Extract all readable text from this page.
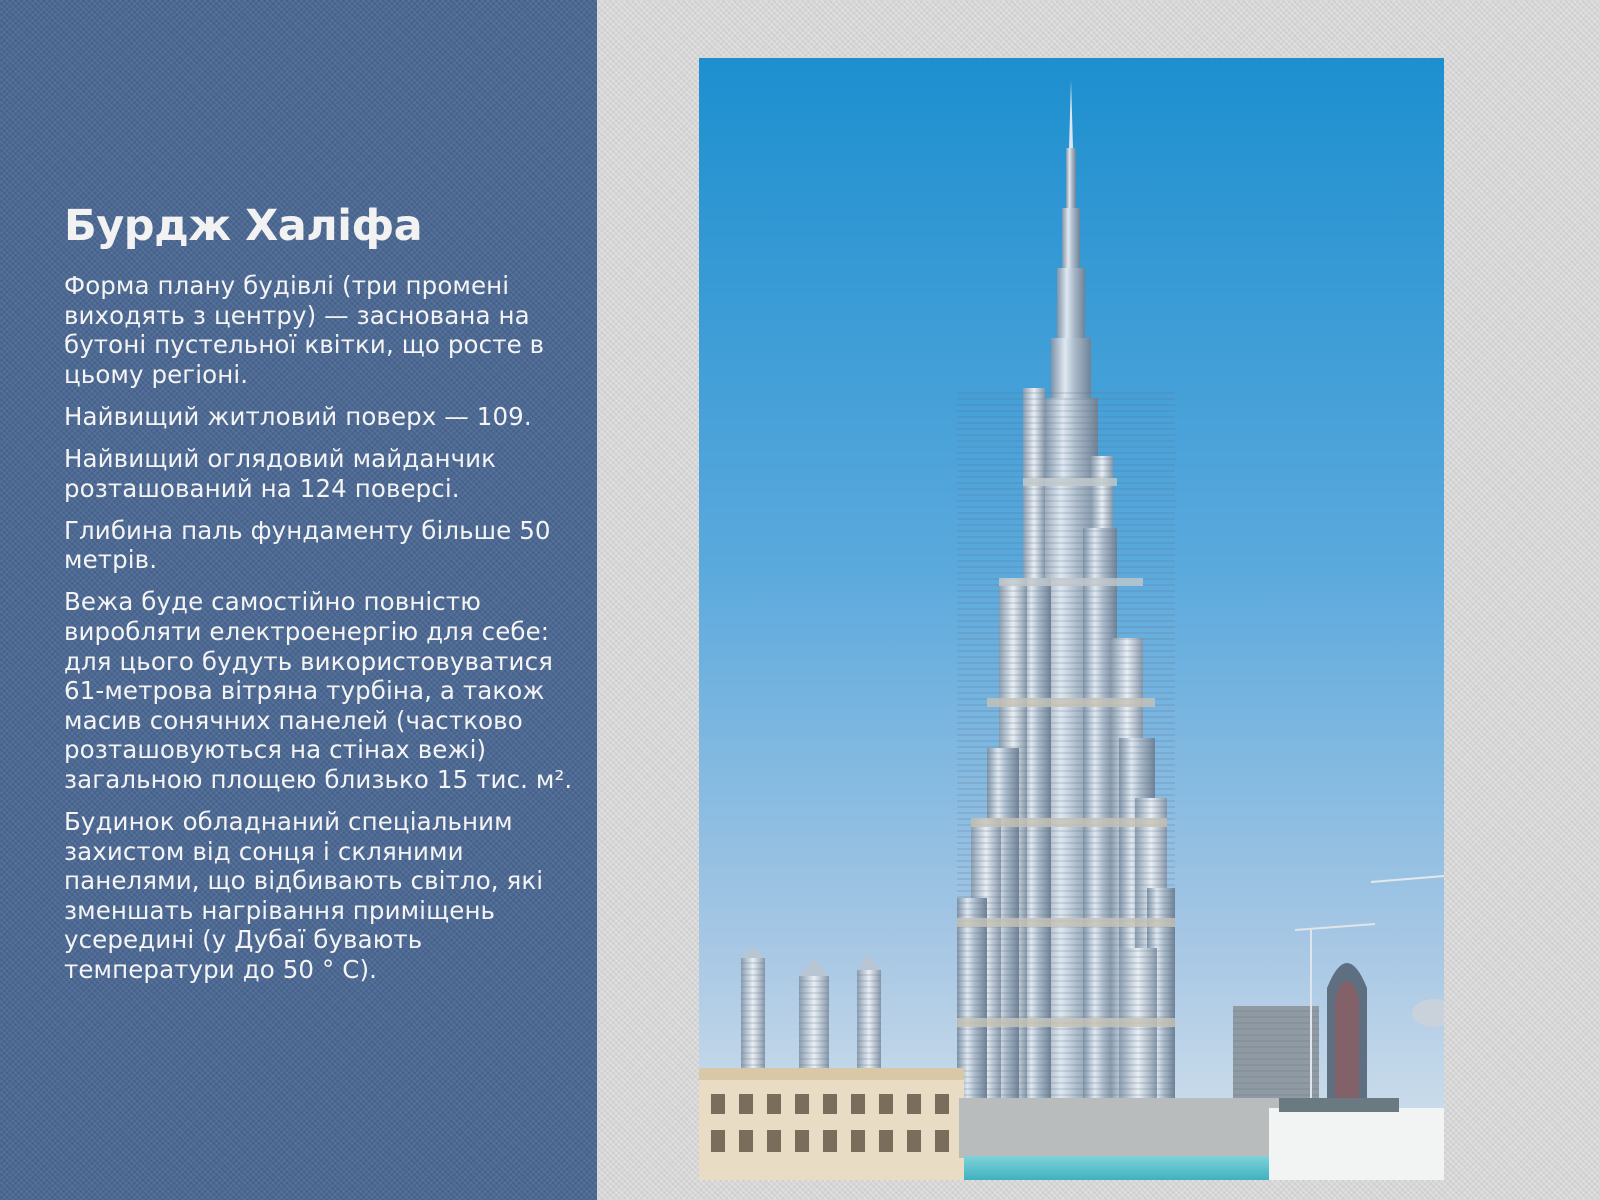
Бурдж Халіфа

Форма плану будівлі (три промені виходять з центру) — заснована на бутоні пустельної квітки, що росте в цьому регіоні.

Найвищий житловий поверх — 109.

Найвищий оглядовий майданчик розташований на 124 поверсі.

Глибина паль фундаменту більше 50 метрів.

Вежа буде самостійно повністю виробляти електроенергію для себе: для цього будуть використовуватися 61-метрова вітряна турбіна, а також масив сонячних панелей (частково розташовуються на стінах вежі) загальною площею близько 15 тис. м².

Будинок обладнаний спеціальним захистом від сонця і скляними панелями, що відбивають світло, які зменшать нагрівання приміщень усередині (у Дубаї бувають температури до 50 ° С).
